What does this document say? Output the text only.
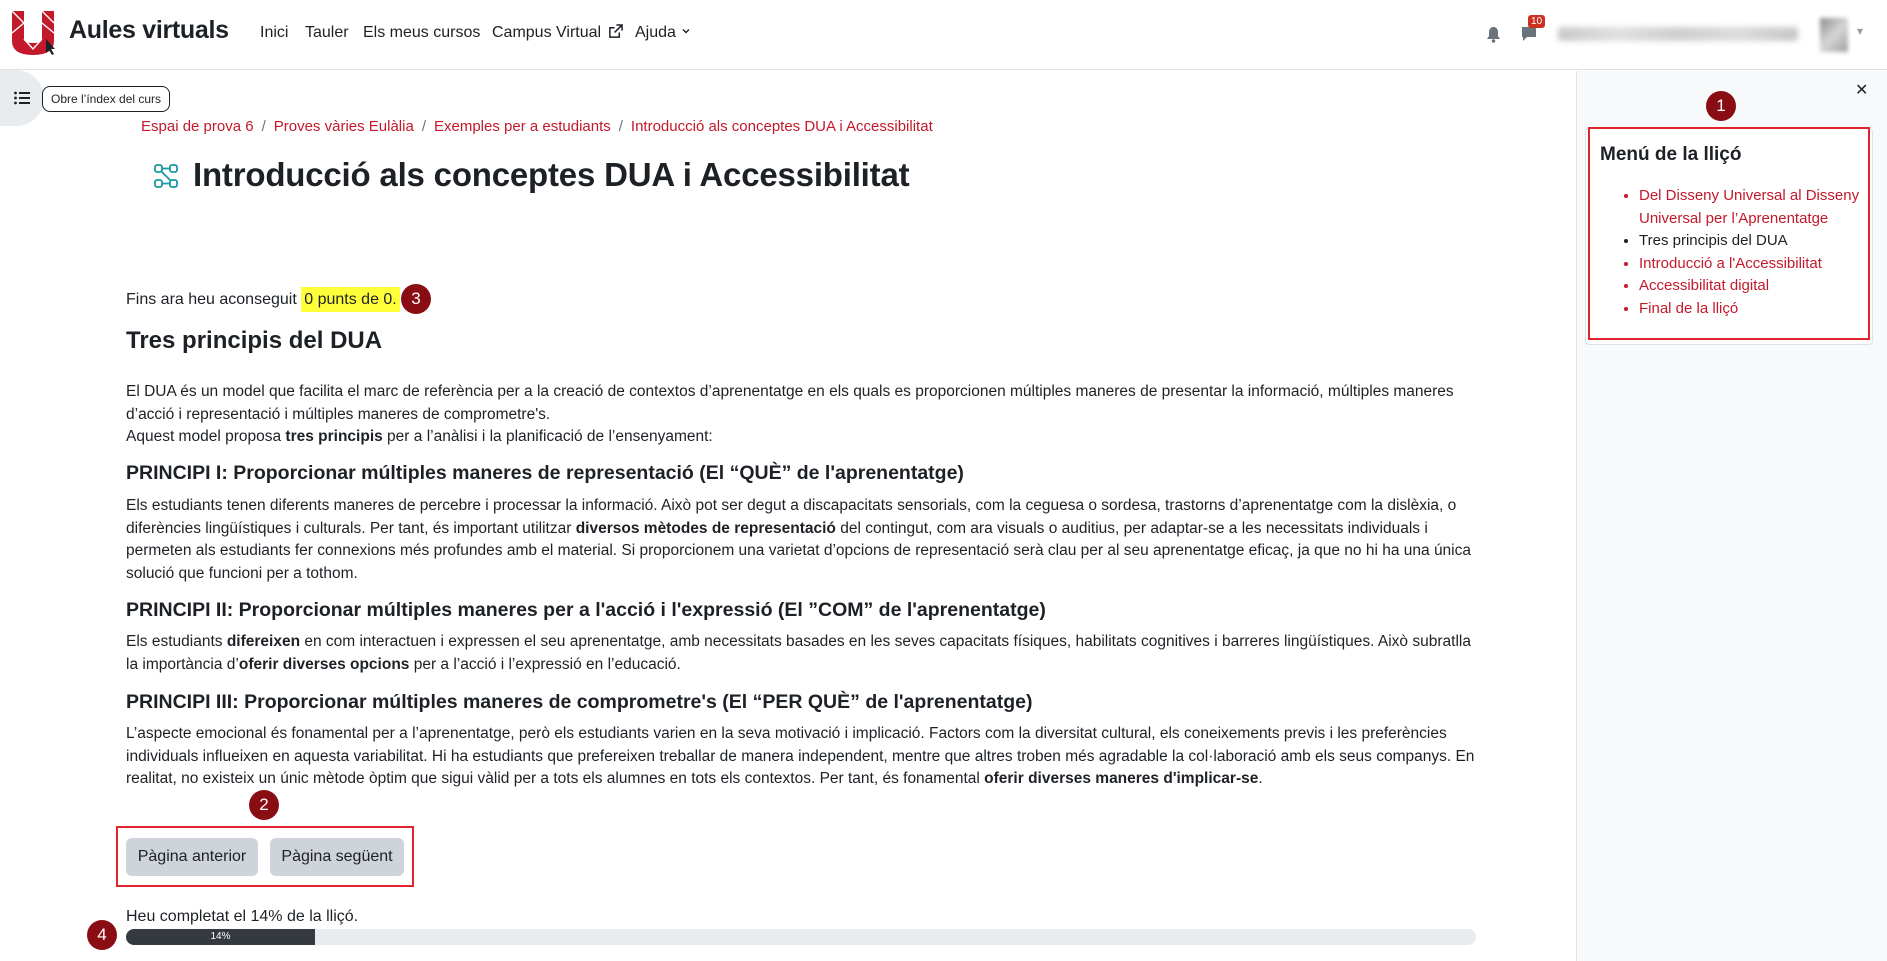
Aules virtuals Inici Tauler Els meus cursos Campus Virtual	Ajuda
10
▾
Obre l’índex del curs	✕
Menú de la lliçó
• Del Disseny Universal al Disseny Universal per l’Aprenentatge
• Tres principis del DUA
• Introducció a l'Accessibilitat
• Accessibilitat digital
• Final de la lliçó
Espai de prova 6 / Proves vàries Eulàlia / Exemples per a estudiants / Introducció als conceptes DUA i Accessibilitat
Introducció als conceptes DUA i Accessibilitat
Fins ara heu aconseguit 0 punts de 0.
Tres principis del DUA
El DUA és un model que facilita el marc de referència per a la creació de contextos d’aprenentatge en els quals es proporcionen múltiples maneres de presentar la informació, múltiples maneres d’acció i representació i múltiples maneres de comprometre's.
Aquest model proposa tres principis per a l’anàlisi i la planificació de l’ensenyament:
PRINCIPI I: Proporcionar múltiples maneres de representació (El “QUÈ” de l'aprenentatge)
Els estudiants tenen diferents maneres de percebre i processar la informació. Això pot ser degut a discapacitats sensorials, com la ceguesa o sordesa, trastorns d’aprenentatge com la dislèxia, o diferències lingüístiques i culturals. Per tant, és important utilitzar diversos mètodes de representació del contingut, com ara visuals o auditius, per adaptar-se a les necessitats individuals i permeten als estudiants fer connexions més profundes amb el material. Si proporcionem una varietat d’opcions de representació serà clau per al seu aprenentatge eficaç, ja que no hi ha una única solució que funcioni per a tothom.
PRINCIPI II: Proporcionar múltiples maneres per a l'acció i l'expressió (El ”COM” de l'aprenentatge)
Els estudiants difereixen en com interactuen i expressen el seu aprenentatge, amb necessitats basades en les seves capacitats físiques, habilitats cognitives i barreres lingüístiques. Això subratlla la importància d’oferir diverses opcions per a l’acció i l’expressió en l’educació.
PRINCIPI III: Proporcionar múltiples maneres de comprometre's (El “PER QUÈ” de l'aprenentatge)
L’aspecte emocional és fonamental per a l’aprenentatge, però els estudiants varien en la seva motivació i implicació. Factors com la diversitat cultural, els coneixements previs i les preferències individuals influeixen en aquesta variabilitat. Hi ha estudiants que prefereixen treballar de manera independent, mentre que altres troben més agradable la col·laboració amb els seus companys. En realitat, no existeix un únic mètode òptim que sigui vàlid per a tots els alumnes en tots els contextos. Per tant, és fonamental oferir diverses maneres d'implicar-se.
Pàgina anterior	Pàgina següent
Heu completat el 14% de la lliçó.
14%
1
2
3
4
